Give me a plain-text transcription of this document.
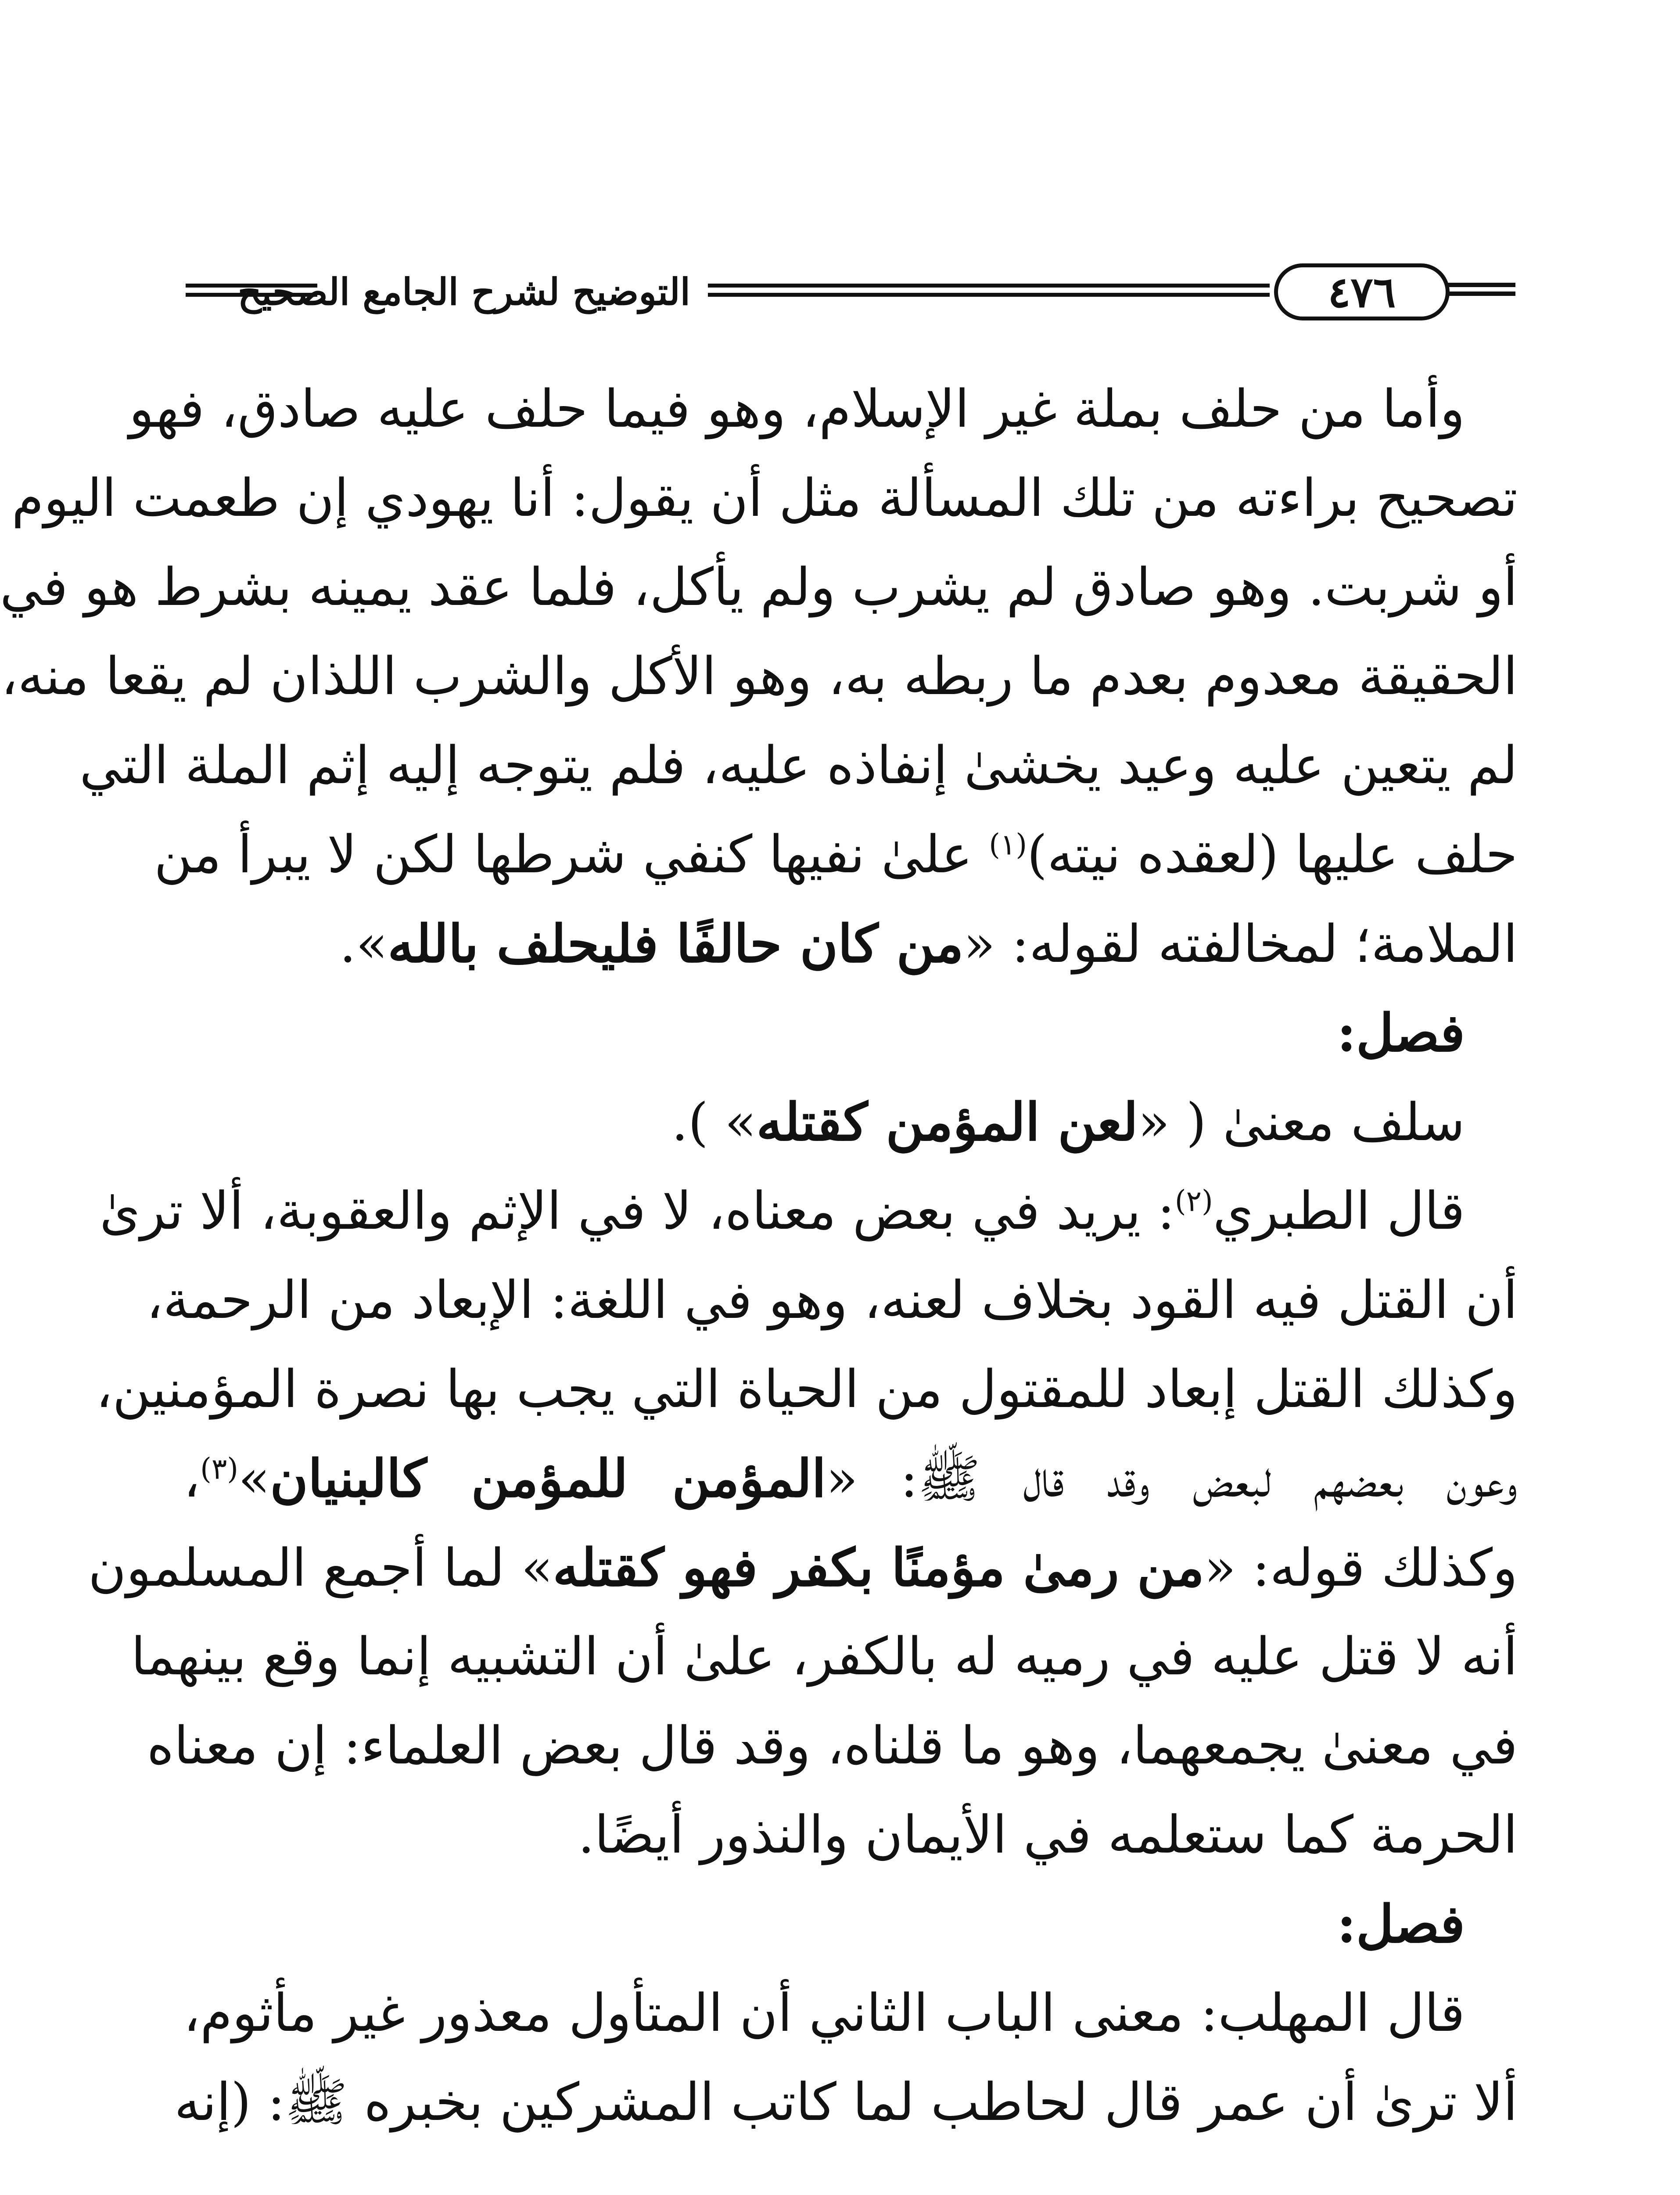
٤٧٦
التوضيح لشرح الجامع الصحيح
وأما من حلف بملة غير الإسلام، وهو فيما حلف عليه صادق، فهو
تصحيح براءته من تلك المسألة مثل أن يقول: أنا يهودي إن طعمت اليوم
أو شربت. وهو صادق لم يشرب ولم يأكل، فلما عقد يمينه بشرط هو في
الحقيقة معدوم بعدم ما ربطه به، وهو الأكل والشرب اللذان لم يقعا منه،
لم يتعين عليه وعيد يخشىٰ إنفاذه عليه، فلم يتوجه إليه إثم الملة التي
حلف عليها (لعقده نيته)$^{(١)}$ علىٰ نفيها كنفي شرطها لكن لا يبرأ من
الملامة؛ لمخالفته لقوله: «من كان حالفًا فليحلف بالله».
فصل:
سلف معنىٰ ( «لعن المؤمن كقتله» ).
قال الطبري$^{(٢)}$: يريد في بعض معناه، لا في الإثم والعقوبة، ألا ترىٰ
أن القتل فيه القود بخلاف لعنه، وهو في اللغة: الإبعاد من الرحمة،
وكذلك القتل إبعاد للمقتول من الحياة التي يجب بها نصرة المؤمنين،
وعون بعضهم لبعض وقد قال ﷺ: «المؤمن للمؤمن كالبنيان»$^{(٣)}$،
وكذلك قوله: «من رمىٰ مؤمنًا بكفر فهو كقتله» لما أجمع المسلمون
أنه لا قتل عليه في رميه له بالكفر، علىٰ أن التشبيه إنما وقع بينهما
في معنىٰ يجمعهما، وهو ما قلناه، وقد قال بعض العلماء: إن معناه
الحرمة كما ستعلمه في الأيمان والنذور أيضًا.
فصل:
قال المهلب: معنى الباب الثاني أن المتأول معذور غير مأثوم،
ألا ترىٰ أن عمر قال لحاطب لما كاتب المشركين بخبره ﷺ: (إنه
